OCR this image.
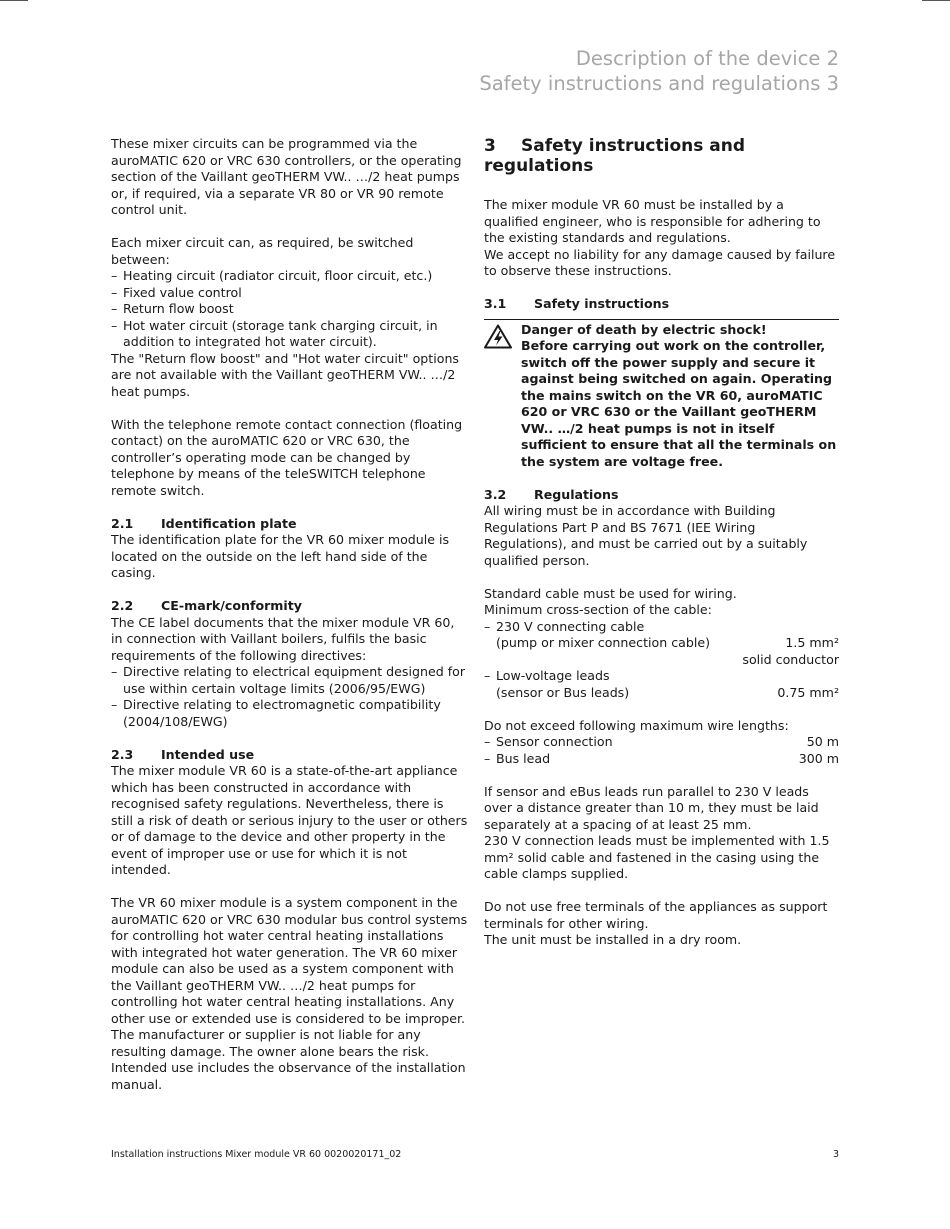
Description of the device 2
Safety instructions and regulations 3

These mixer circuits can be programmed via the auroMATIC 620 or VRC 630 controllers, or the operating section of the Vaillant geoTHERM VW.. …/2 heat pumps or, if required, via a separate VR 80 or VR 90 remote control unit.

Each mixer circuit can, as required, be switched between:

– Heating circuit (radiator circuit, floor circuit, etc.)
– Fixed value control
– Return flow boost
– Hot water circuit (storage tank charging circuit, in addition to integrated hot water circuit).

The "Return flow boost" and "Hot water circuit" options are not available with the Vaillant geoTHERM VW.. …/2 heat pumps.

With the telephone remote contact connection (floating contact) on the auroMATIC 620 or VRC 630, the controller’s operating mode can be changed by telephone by means of the teleSWITCH telephone remote switch.

2.1 Identification plate

The identification plate for the VR 60 mixer module is located on the outside on the left hand side of the casing.

2.2 CE-mark/conformity

The CE label documents that the mixer module VR 60, in connection with Vaillant boilers, fulfils the basic requirements of the following directives:

– Directive relating to electrical equipment designed for use within certain voltage limits (2006/95/EWG)
– Directive relating to electromagnetic compatibility (2004/108/EWG)

2.3 Intended use

The mixer module VR 60 is a state-of-the-art appliance which has been constructed in accordance with recognised safety regulations. Nevertheless, there is still a risk of death or serious injury to the user or others or of damage to the device and other property in the event of improper use or use for which it is not intended.

The VR 60 mixer module is a system component in the auroMATIC 620 or VRC 630 modular bus control systems for controlling hot water central heating installations with integrated hot water generation. The VR 60 mixer module can also be used as a system component with the Vaillant geoTHERM VW.. …/2 heat pumps for controlling hot water central heating installations. Any other use or extended use is considered to be improper. The manufacturer or supplier is not liable for any resulting damage. The owner alone bears the risk. Intended use includes the observance of the installation manual.

3 Safety instructions and regulations

The mixer module VR 60 must be installed by a qualified engineer, who is responsible for adhering to the existing standards and regulations.

We accept no liability for any damage caused by failure to observe these instructions.

3.1 Safety instructions

Danger of death by electric shock!
Before carrying out work on the controller, switch off the power supply and secure it against being switched on again. Operating the mains switch on the VR 60, auroMATIC 620 or VRC 630 or the Vaillant geoTHERM VW.. …/2 heat pumps is not in itself sufficient to ensure that all the terminals on the system are voltage free.

3.2 Regulations

All wiring must be in accordance with Building Regulations Part P and BS 7671 (IEE Wiring Regulations), and must be carried out by a suitably qualified person.

Standard cable must be used for wiring.

Minimum cross-section of the cable:

– 230 V connecting cable
(pump or mixer connection cable)	1.5 mm²
solid conductor
– Low-voltage leads
(sensor or Bus leads)	0.75 mm²

Do not exceed following maximum wire lengths:

– Sensor connection	50 m
– Bus lead	300 m

If sensor and eBus leads run parallel to 230 V leads over a distance greater than 10 m, they must be laid separately at a spacing of at least 25 mm.

230 V connection leads must be implemented with 1.5 mm² solid cable and fastened in the casing using the cable clamps supplied.

Do not use free terminals of the appliances as support terminals for other wiring.

The unit must be installed in a dry room.

Installation instructions Mixer module VR 60 0020020171_02	3
